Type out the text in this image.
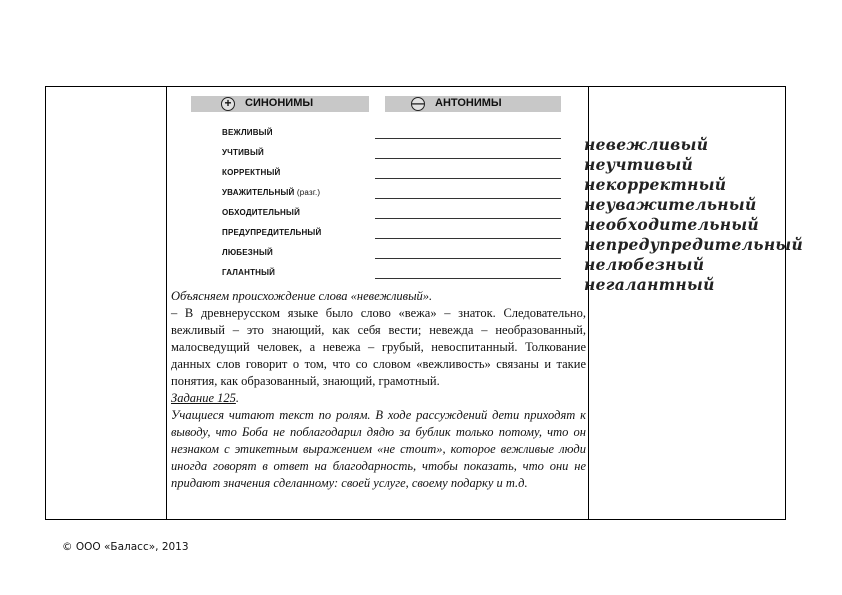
+	СИНОНИМЫ	— АНТОНИМЫ
ВЕЖЛИВЫЙ
невежливый
УЧТИВЫЙ
неучтивый
КОРРЕКТНЫЙ
некорректный
УВАЖИТЕЛЬНЫЙ (разг.)
неуважительный
ОБХОДИТЕЛЬНЫЙ
необходительный
ПРЕДУПРЕДИТЕЛЬНЫЙ
непредупредительный
ЛЮБЕЗНЫЙ
нелюбезный
ГАЛАНТНЫЙ
негалантный

Объясняем происхождение слова «невежливый».

– В древнерусском языке было слово «вежа» – знаток. Следовательно, вежливый – это знающий, как себя вести; невежда – необразованный, малосведущий человек, а невежа – грубый, невоспитанный. Толкование данных слов говорит о том, что со словом «вежливость» связаны и такие понятия, как образованный, знающий, грамотный.

Задание 125.

Учащиеся читают текст по ролям. В ходе рассуждений дети приходят к выводу, что Боба не поблагодарил дядю за бублик только потому, что он незнаком с этикетным выражением «не стоит», которое вежливые люди иногда говорят в ответ на благодарность, чтобы показать, что они не придают значения сделанному: своей услуге, своему подарку и т.д.

© ООО «Баласс», 2013
